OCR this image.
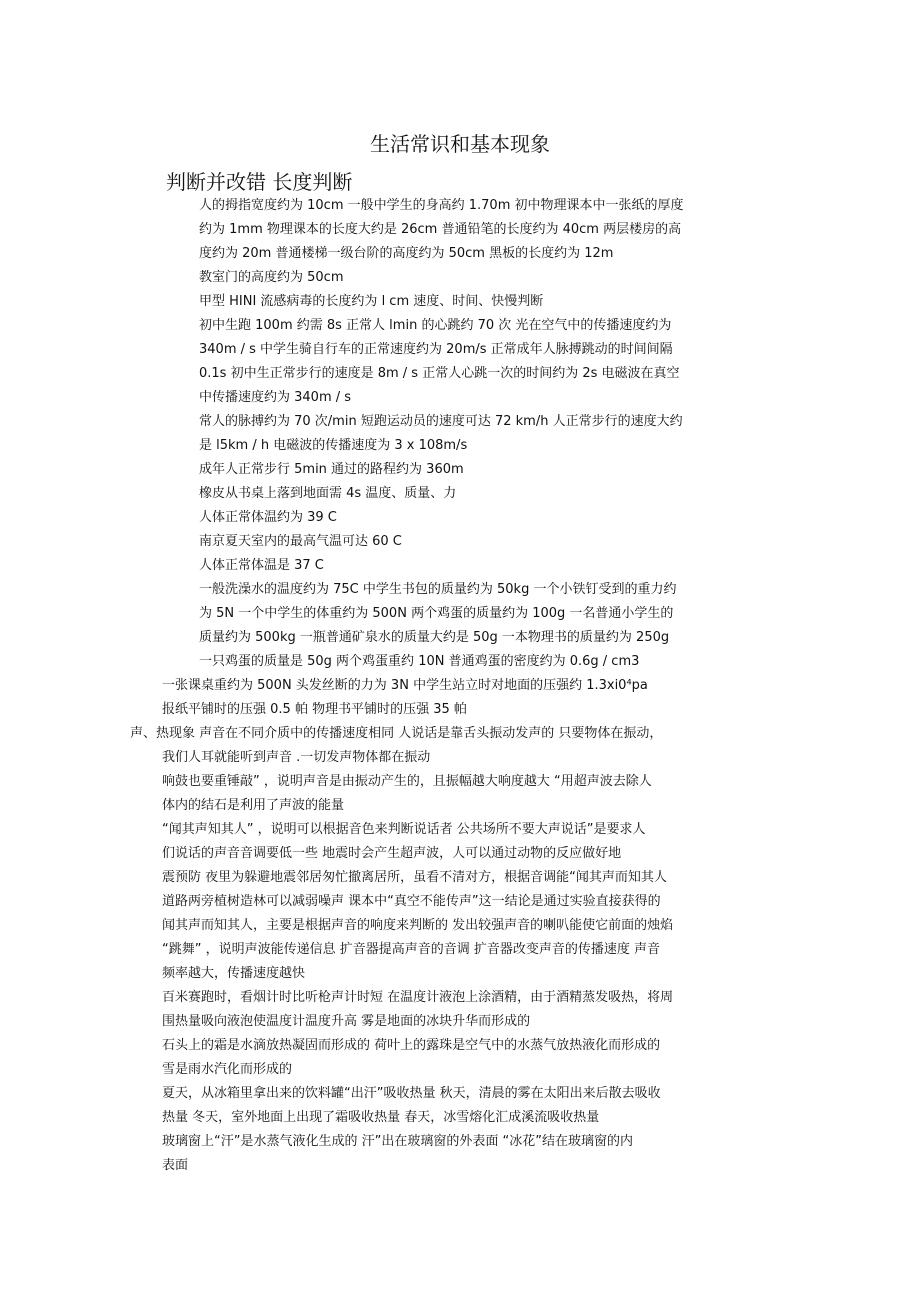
生活常识和基本现象
判断并改错 长度判断
人的拇指宽度约为 10cm 一般中学生的身高约 1.70m 初中物理课本中一张纸的厚度
约为 1mm 物理课本的长度大约是 26cm 普通铅笔的长度约为 40cm 两层楼房的高
度约为 20m 普通楼梯一级台阶的高度约为 50cm 黑板的长度约为 12m
教室门的高度约为 50cm
甲型 HINI 流感病毒的长度约为 l cm 速度、时间、快慢判断
初中生跑 100m 约需 8s 正常人 lmin 的心跳约 70 次 光在空气中的传播速度约为
340m / s 中学生骑自行车的正常速度约为 20m/s 正常成年人脉搏跳动的时间间隔
0.1s 初中生正常步行的速度是 8m / s 正常人心跳一次的时间约为 2s 电磁波在真空
中传播速度约为 340m / s
常人的脉搏约为 70 次/min 短跑运动员的速度可达 72 km/h 人正常步行的速度大约
是 l5km / h 电磁波的传播速度为 3 x 108m/s
成年人正常步行 5min 通过的路程约为 360m
橡皮从书桌上落到地面需 4s 温度、质量、力
人体正常体温约为 39 C
南京夏天室内的最高气温可达 60 C
人体正常体温是 37 C
一般洗澡水的温度约为 75C 中学生书包的质量约为 50kg 一个小铁钉受到的重力约
为 5N 一个中学生的体重约为 500N 两个鸡蛋的质量约为 100g 一名普通小学生的
质量约为 500kg 一瓶普通矿泉水的质量大约是 50g 一本物理书的质量约为 250g
一只鸡蛋的质量是 50g 两个鸡蛋重约 10N 普通鸡蛋的密度约为 0.6g / cm3
一张课桌重约为 500N 头发丝断的力为 3N 中学生站立时对地面的压强约 1.3xi0⁴pa
报纸平铺时的压强 0.5 帕 物理书平铺时的压强 35 帕
声、热现象 声音在不同介质中的传播速度相同 人说话是靠舌头振动发声的 只要物体在振动，
我们人耳就能听到声音 .一切发声物体都在振动
响鼓也要重锤敲” ，说明声音是由振动产生的，且振幅越大响度越大 “用超声波去除人
体内的结石是利用了声波的能量
“闻其声知其人” ，说明可以根据音色来判断说话者 公共场所不要大声说话”是要求人
们说话的声音音调要低一些 地震时会产生超声波，人可以通过动物的反应做好地
震预防 夜里为躲避地震邻居匆忙撤离居所，虽看不清对方，根据音调能“闻其声而知其人
道路两旁植树造林可以减弱噪声 课本中“真空不能传声”这一结论是通过实验直接获得的
闻其声而知其人，主要是根据声音的响度来判断的 发出较强声音的喇叭能使它前面的烛焰
“跳舞” ，说明声波能传递信息 扩音器提高声音的音调 扩音器改变声音的传播速度 声音
频率越大，传播速度越快
百米赛跑时，看烟计时比听枪声计时短 在温度计液泡上涂酒精，由于酒精蒸发吸热，将周
围热量吸向液泡使温度计温度升高 雾是地面的冰块升华而形成的
石头上的霜是水滴放热凝固而形成的 荷叶上的露珠是空气中的水蒸气放热液化而形成的
雪是雨水汽化而形成的
夏天，从冰箱里拿出来的饮料罐“出汗”吸收热量 秋天，清晨的雾在太阳出来后散去吸收
热量 冬天，室外地面上出现了霜吸收热量 春天，冰雪熔化汇成溪流吸收热量
玻璃窗上“汗”是水蒸气液化生成的 汗”出在玻璃窗的外表面 “冰花”结在玻璃窗的内
表面
